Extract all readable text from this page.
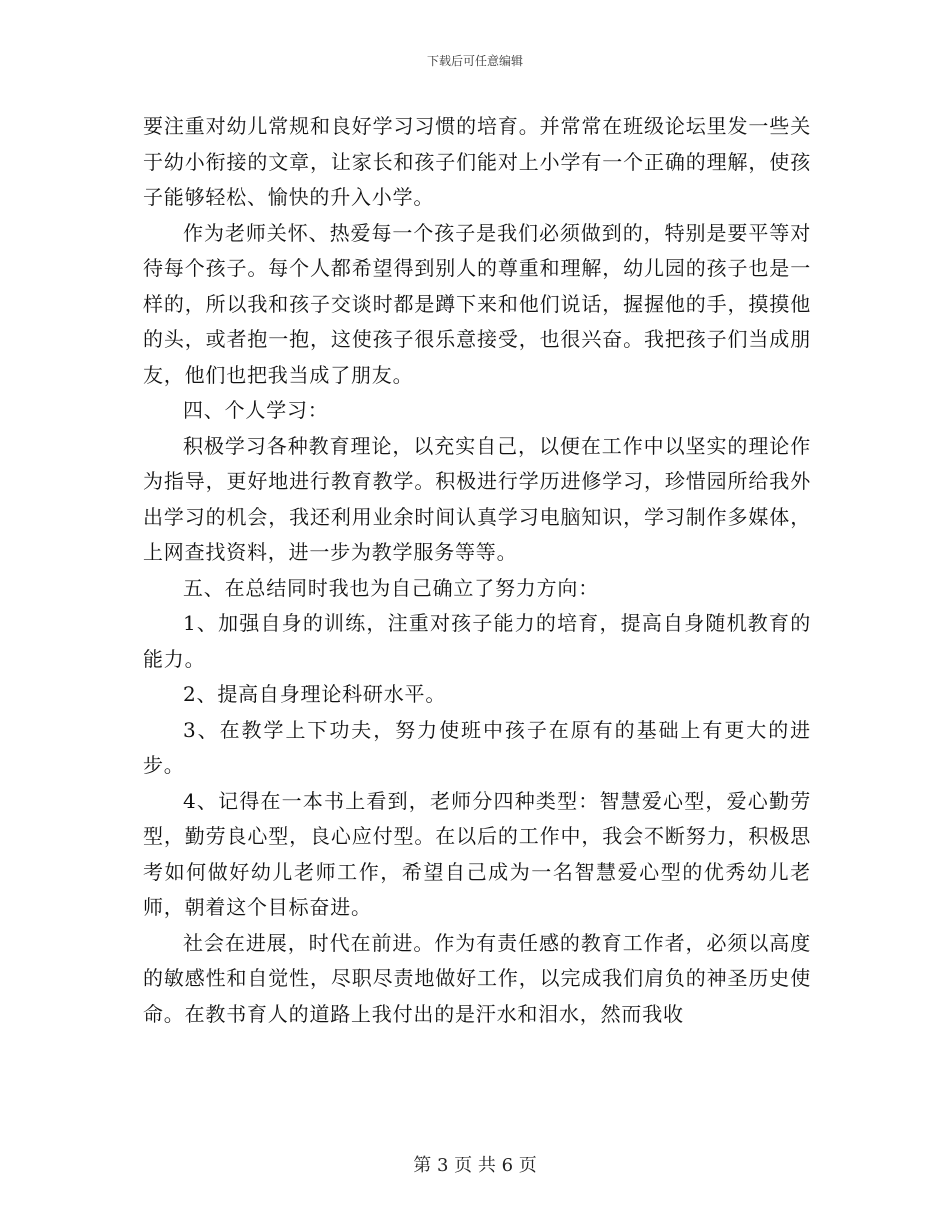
下载后可任意编辑

要注重对幼儿常规和良好学习习惯的培育。并常常在班级论坛里发一些关于幼小衔接的文章，让家长和孩子们能对上小学有一个正确的理解，使孩子能够轻松、愉快的升入小学。

作为老师关怀、热爱每一个孩子是我们必须做到的，特别是要平等对待每个孩子。每个人都希望得到别人的尊重和理解，幼儿园的孩子也是一样的，所以我和孩子交谈时都是蹲下来和他们说话，握握他的手，摸摸他的头，或者抱一抱，这使孩子很乐意接受，也很兴奋。我把孩子们当成朋友，他们也把我当成了朋友。

四、个人学习：

积极学习各种教育理论，以充实自己，以便在工作中以坚实的理论作为指导，更好地进行教育教学。积极进行学历进修学习，珍惜园所给我外出学习的机会，我还利用业余时间认真学习电脑知识，学习制作多媒体，上网查找资料，进一步为教学服务等等。

五、在总结同时我也为自己确立了努力方向：

1、加强自身的训练，注重对孩子能力的培育，提高自身随机教育的能力。

2、提高自身理论科研水平。

3、在教学上下功夫，努力使班中孩子在原有的基础上有更大的进步。

4、记得在一本书上看到，老师分四种类型：智慧爱心型，爱心勤劳型，勤劳良心型，良心应付型。在以后的工作中，我会不断努力，积极思考如何做好幼儿老师工作，希望自己成为一名智慧爱心型的优秀幼儿老师，朝着这个目标奋进。

社会在进展，时代在前进。作为有责任感的教育工作者，必须以高度的敏感性和自觉性，尽职尽责地做好工作，以完成我们肩负的神圣历史使命。在教书育人的道路上我付出的是汗水和泪水，然而我收

第 3 页 共 6 页
